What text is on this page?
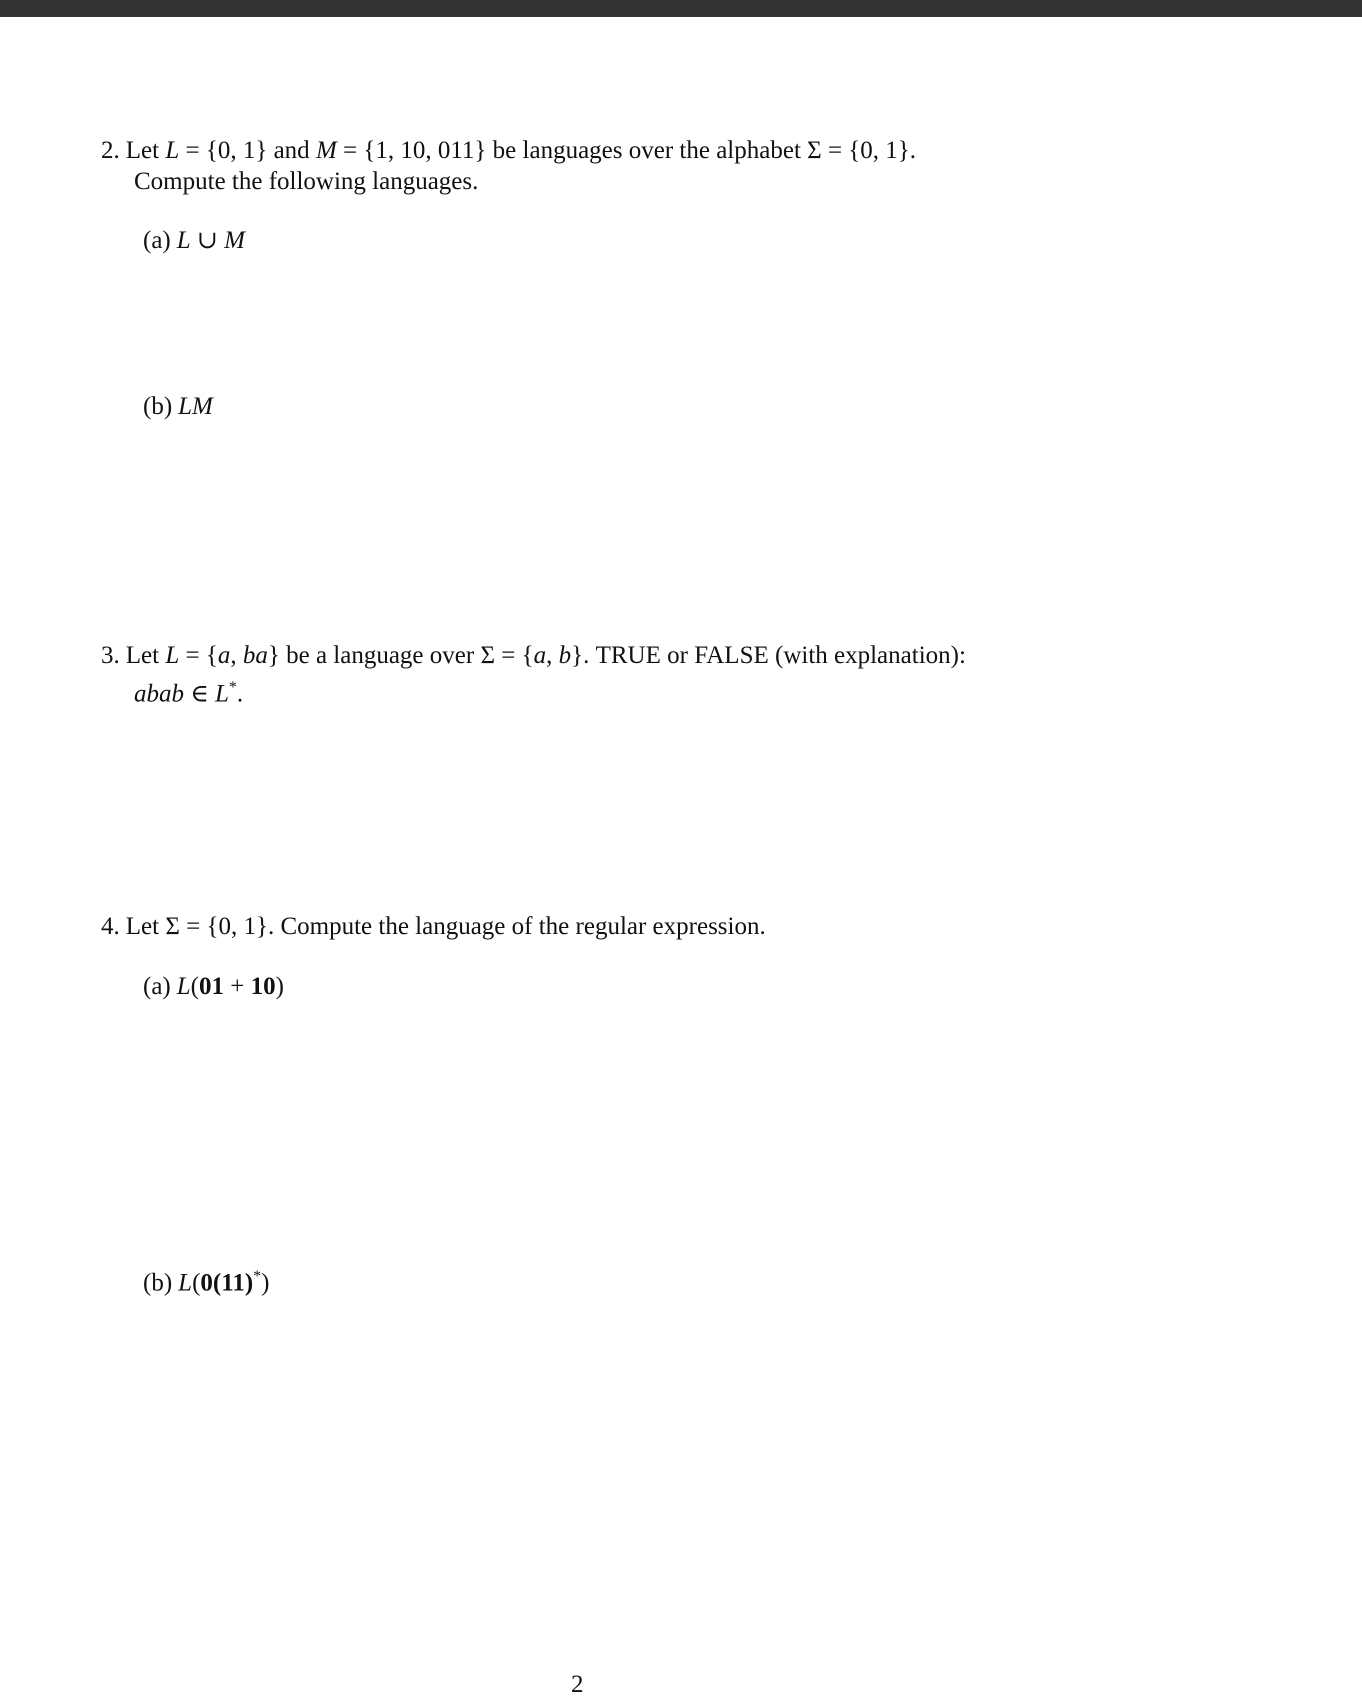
2. Let L = {0, 1} and M = {1, 10, 011} be languages over the alphabet Σ = {0, 1}.
Compute the following languages.
(a) L ∪ M
(b) LM
3. Let L = {a, ba} be a language over Σ = {a, b}. TRUE or FALSE (with explanation):
abab ∈ L*.
4. Let Σ = {0, 1}. Compute the language of the regular expression.
(a) L(01 + 10)
(b) L(0(11)*)
2
